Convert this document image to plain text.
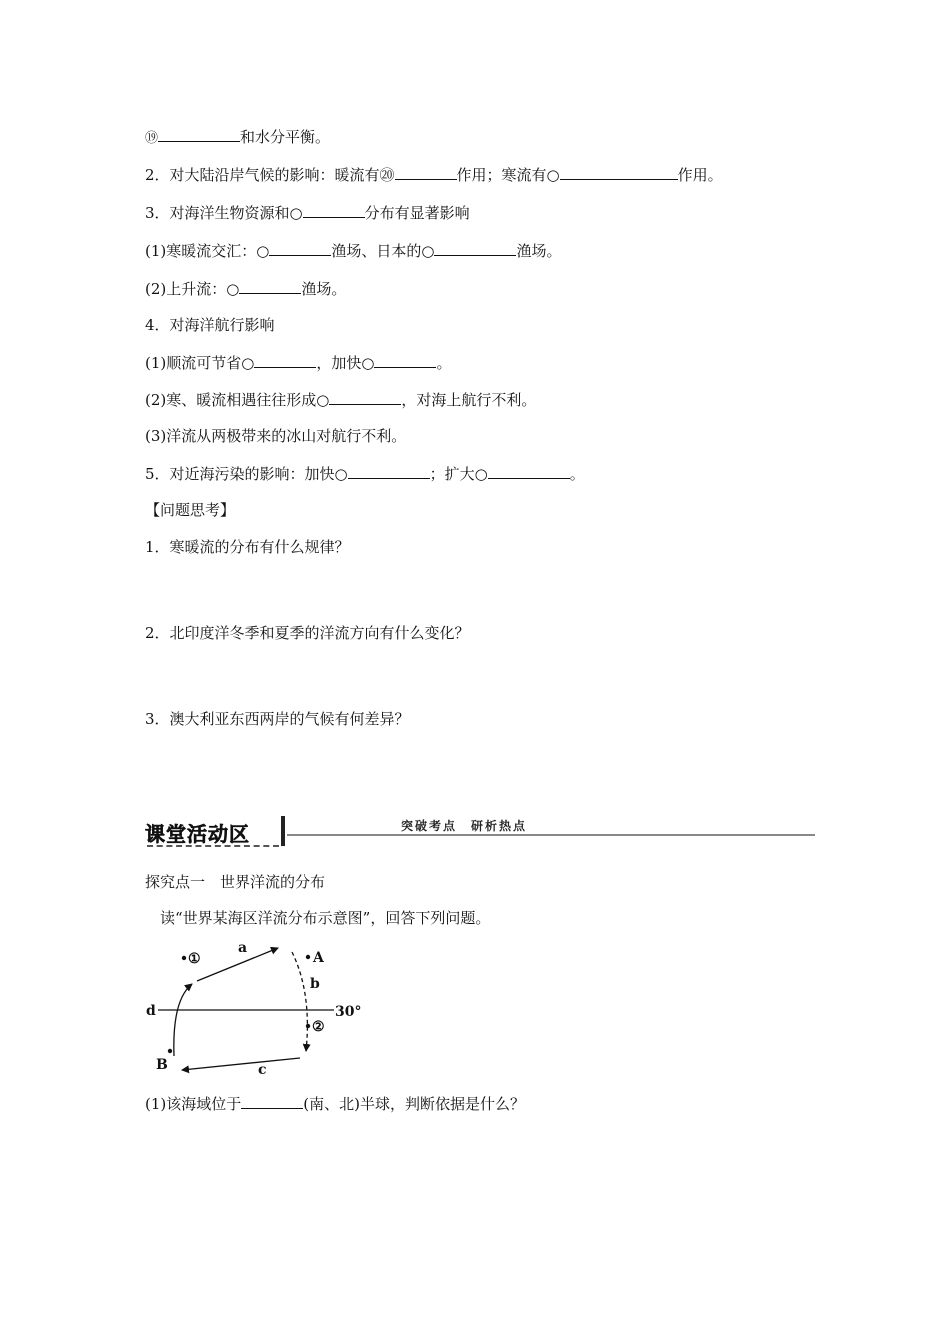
⑲	和水分平衡。
2．对大陆沿岸气候的影响：暖流有⑳	作用；寒流有○	作用。
3．对海洋生物资源和○	分布有显著影响
(1)寒暖流交汇：○	渔场、日本的○	渔场。
(2)上升流：○	渔场。
4．对海洋航行影响
(1)顺流可节省○	，加快○	。
(2)寒、暖流相遇往往形成○	，对海上航行不利。
(3)洋流从两极带来的冰山对航行不利。
5．对近海污染的影响：加快○	；扩大○	。
【问题思考】
1．寒暖流的分布有什么规律？
2．北印度洋冬季和夏季的洋流方向有什么变化？
3．澳大利亚东西两岸的气候有何差异？
课堂活动区	突破考点　研析热点
探究点一　世界洋流的分布
读“世界某海区洋流分布示意图”，回答下列问题。
①
a
A
b
d	30°
②
B	c
(1)该海域位于	(南、北)半球，判断依据是什么？
